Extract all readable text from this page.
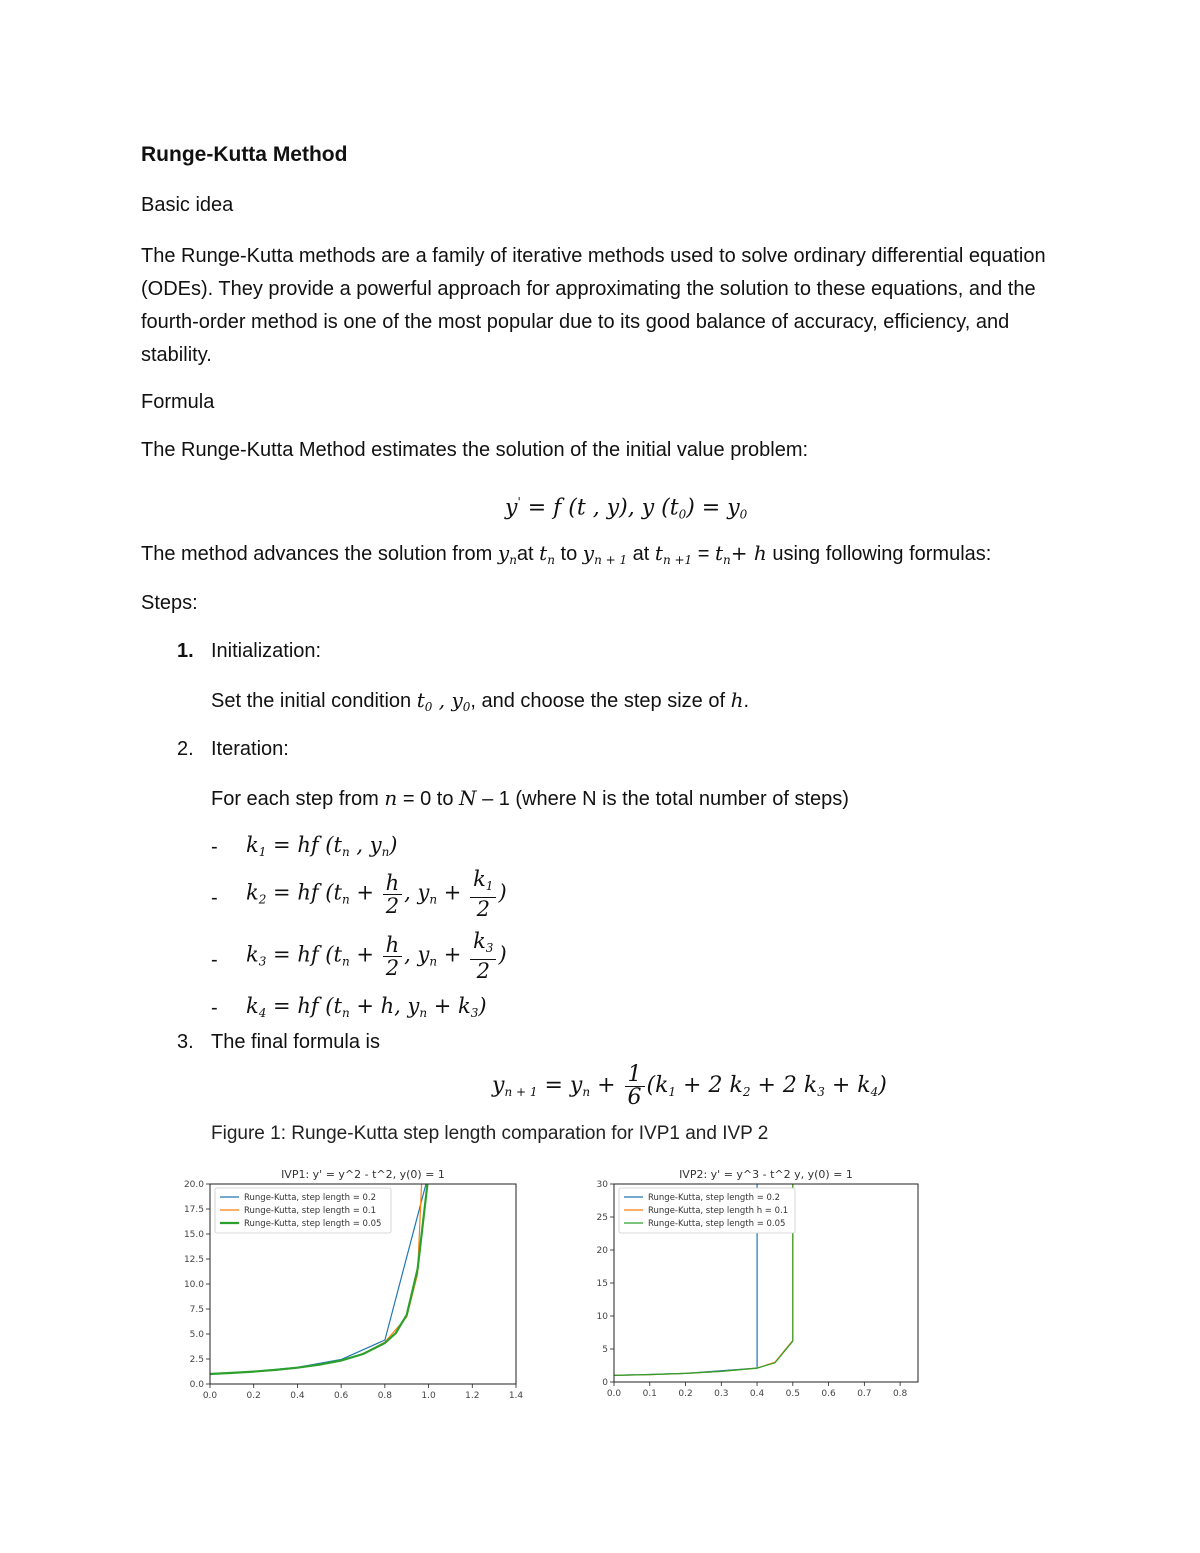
Runge-Kutta Method
Basic idea
The Runge-Kutta methods are a family of iterative methods used to solve ordinary differential equation (ODEs). They provide a powerful approach for approximating the solution to these equations, and the fourth-order method is one of the most popular due to its good balance of accuracy, efficiency, and stability.
Formula
The Runge-Kutta Method estimates the solution of the initial value problem:
y' = f (t , y), y $(t_0) = y_0$
The method advances the solution from $y_nat$ $t_n$ to $y_{n + 1}$ at $t_{n +1} = t_n+ h$ using following formulas:
Steps:
1. Initialization:
Set the initial condition $t_0$ , $y_0$, and choose the step size of h.
2. Iteration:
For each step from n = 0 to N – 1 (where N is the total number of steps)
- $k_1$ = hf ($t_n$ , $y_n$)
- $k_2$ = hf ($t_n + \frac{h}{2}$ , $y_n + \frac{k_1}{2}$ )
- $k_3$ = hf ($t_n + \frac{h}{2}$ , $y_n + \frac{k_3}{2}$ )
- $k_4$ = hf ($t_n + h$, $y_n + k_3$)
3. The final formula is
$y_{n + 1} = y_n + \frac{1}{6} (k_1 + 2$ $k_2 + 2$ $k_3 + k_4$)
Figure 1: Runge-Kutta step length comparation for IVP1 and IVP 2
IVP1: y' = y^2 - t^2, y(0) = 1
0.0	0.2	0.4	0.6	0.8	1.0	1.2	1.4
0.0
2.5
5.0
7.5
10.0
12.5
15.0
17.5
20.0
Runge-Kutta, step length = 0.2
Runge-Kutta, step length = 0.1
Runge-Kutta, step length = 0.05
IVP2: y' = y^3 - t^2 y, y(0) = 1
0.0 0.1 0.2 0.3 0.4 0.5 0.6 0.7 0.8
0
5
10
15
20
25
30
Runge-Kutta, step length = 0.2
Runge-Kutta, step length h = 0.1
Runge-Kutta, step length = 0.05
